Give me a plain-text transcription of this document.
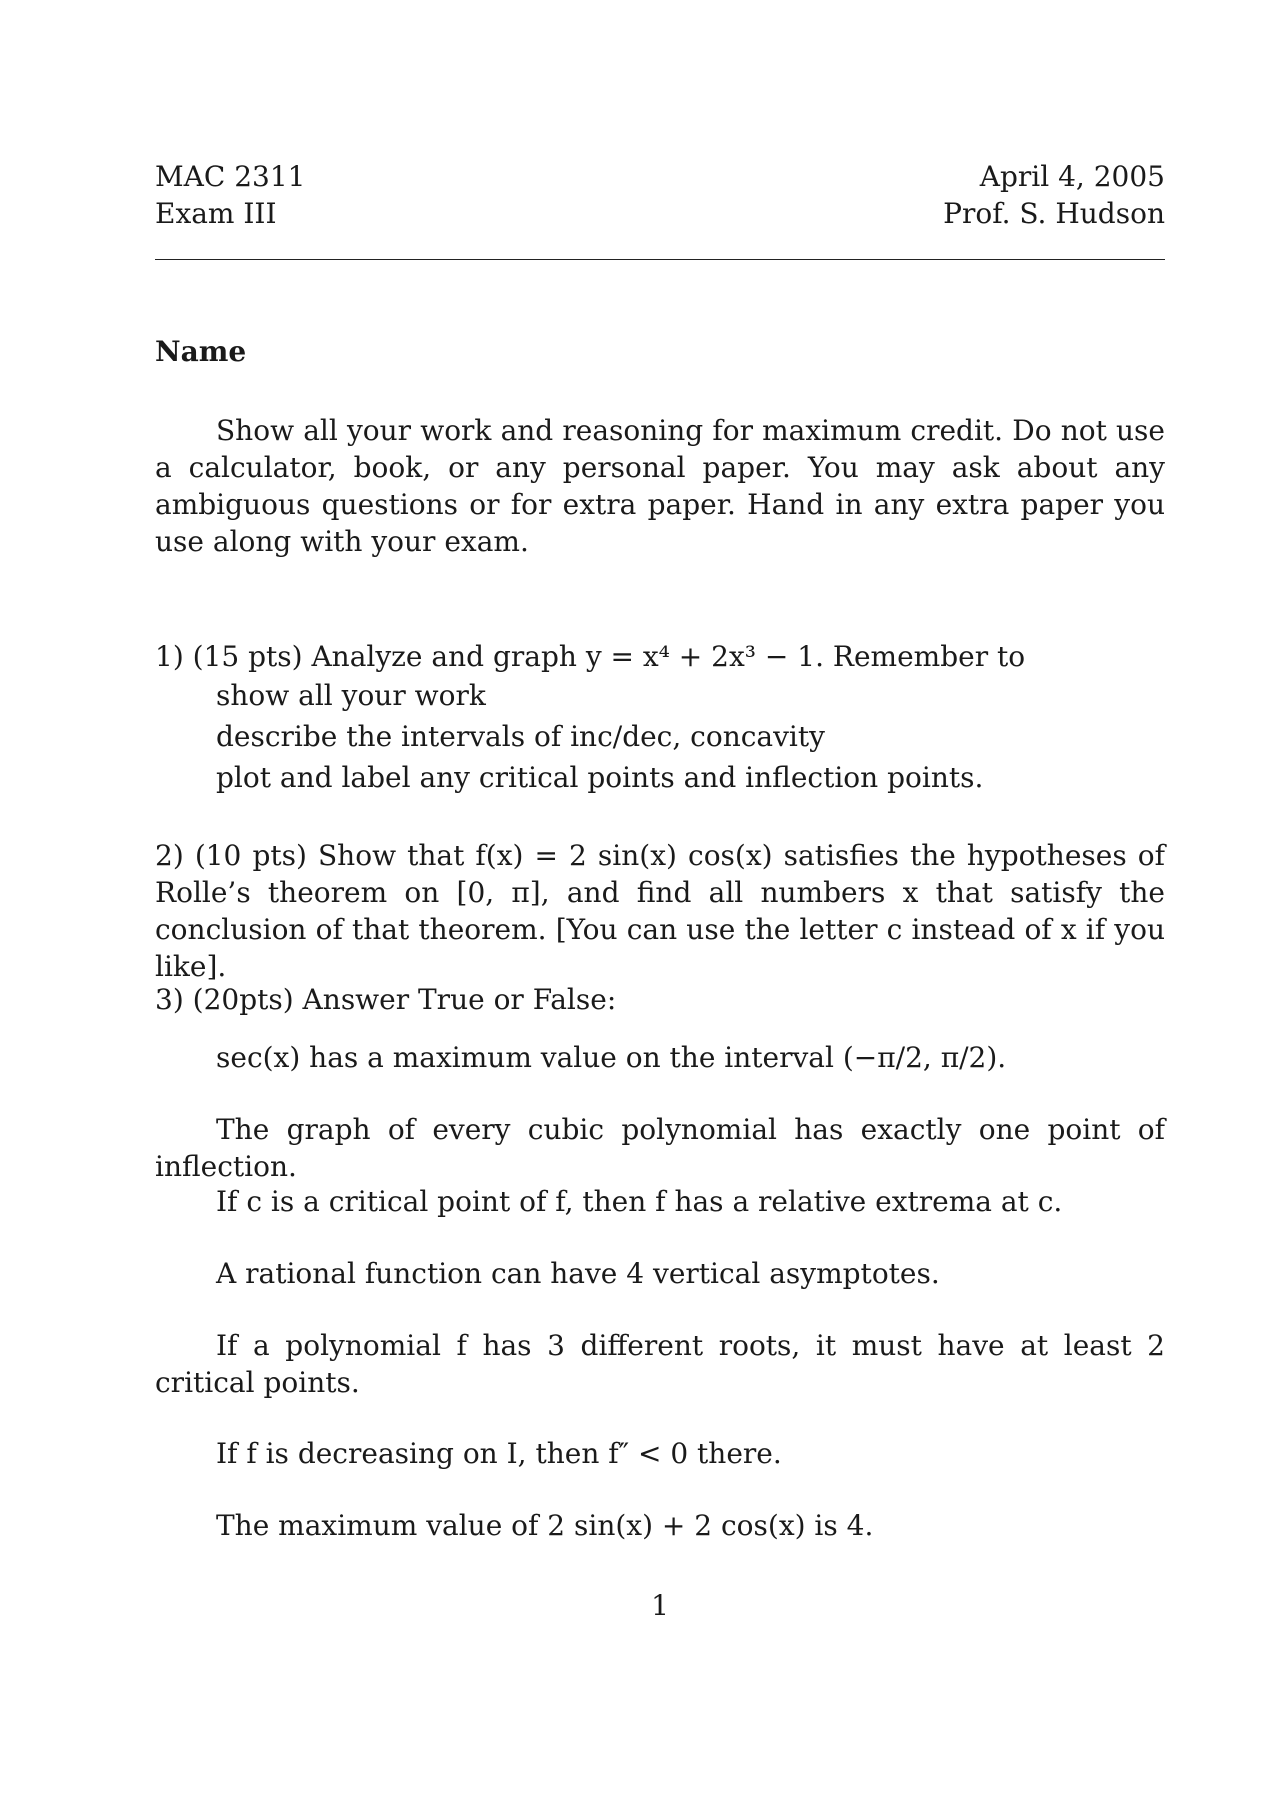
MAC 2311
Exam III
April 4, 2005
Prof. S. Hudson
Name
Show all your work and reasoning for maximum credit. Do not use a calculator, book, or any personal paper. You may ask about any ambiguous questions or for extra paper. Hand in any extra paper you use along with your exam.
1) (15 pts) Analyze and graph y = x⁴ + 2x³ − 1. Remember to
show all your work
describe the intervals of inc/dec, concavity
plot and label any critical points and inflection points.
2) (10 pts) Show that f(x) = 2 sin(x) cos(x) satisfies the hypotheses of Rolle’s theorem on [0, π], and find all numbers x that satisfy the conclusion of that theorem. [You can use the letter c instead of x if you like].
3) (20pts) Answer True or False:
sec(x) has a maximum value on the interval (−π/2, π/2).
The graph of every cubic polynomial has exactly one point of inflection.
If c is a critical point of f, then f has a relative extrema at c.
A rational function can have 4 vertical asymptotes.
If a polynomial f has 3 different roots, it must have at least 2 critical points.
If f is decreasing on I, then f″ < 0 there.
The maximum value of 2 sin(x) + 2 cos(x) is 4.
1
